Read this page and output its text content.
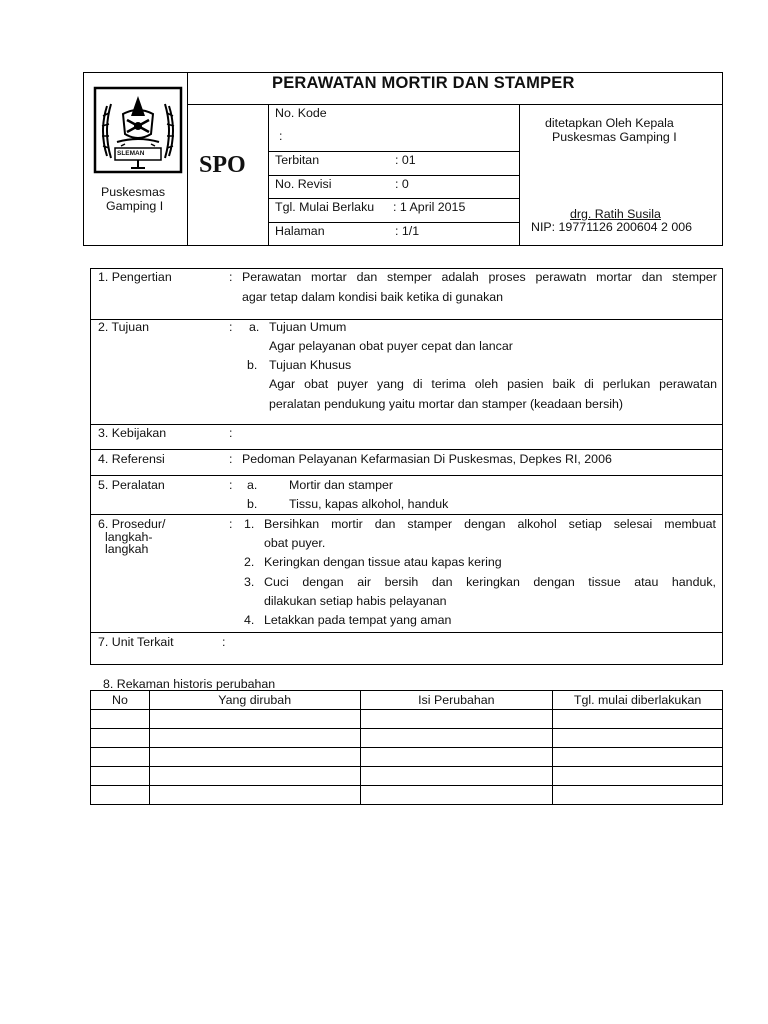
SLEMAN
Puskesmas
Gamping I
PERAWATAN MORTIR DAN STAMPER
SPO
No. Kode
:
Terbitan	: 01
No. Revisi	: 0
Tgl. Mulai Berlaku : 1 April 2015
Halaman	: 1/1
ditetapkan Oleh Kepala
Puskesmas Gamping I
drg. Ratih Susila
NIP: 19771126 200604 2 006
1. Pengertian	: Perawatan mortar dan stemper adalah proses perawatn mortar dan stemper
agar tetap dalam kondisi baik ketika di gunakan
2. Tujuan	: a. Tujuan Umum
Agar pelayanan obat puyer cepat dan lancar
b. Tujuan Khusus
Agar obat puyer yang di terima oleh pasien baik di perlukan perawatan
peralatan pendukung yaitu mortar dan stamper (keadaan bersih)
3. Kebijakan	:
4. Referensi	: Pedoman Pelayanan Kefarmasian Di Puskesmas, Depkes RI, 2006
5. Peralatan	: a.	Mortir dan stamper
b.	Tissu, kapas alkohol, handuk
6. Prosedur/
langkah-
langkah
: 1. Bersihkan mortir dan stamper dengan alkohol setiap selesai membuat
obat puyer.
2. Keringkan dengan tissue atau kapas kering
3. Cuci dengan air bersih dan keringkan dengan tissue atau handuk,
dilakukan setiap habis pelayanan
4. Letakkan pada tempat yang aman
7. Unit Terkait	:
8. Rekaman historis perubahan
No	Yang dirubah	Isi Perubahan	Tgl. mulai diberlakukan
